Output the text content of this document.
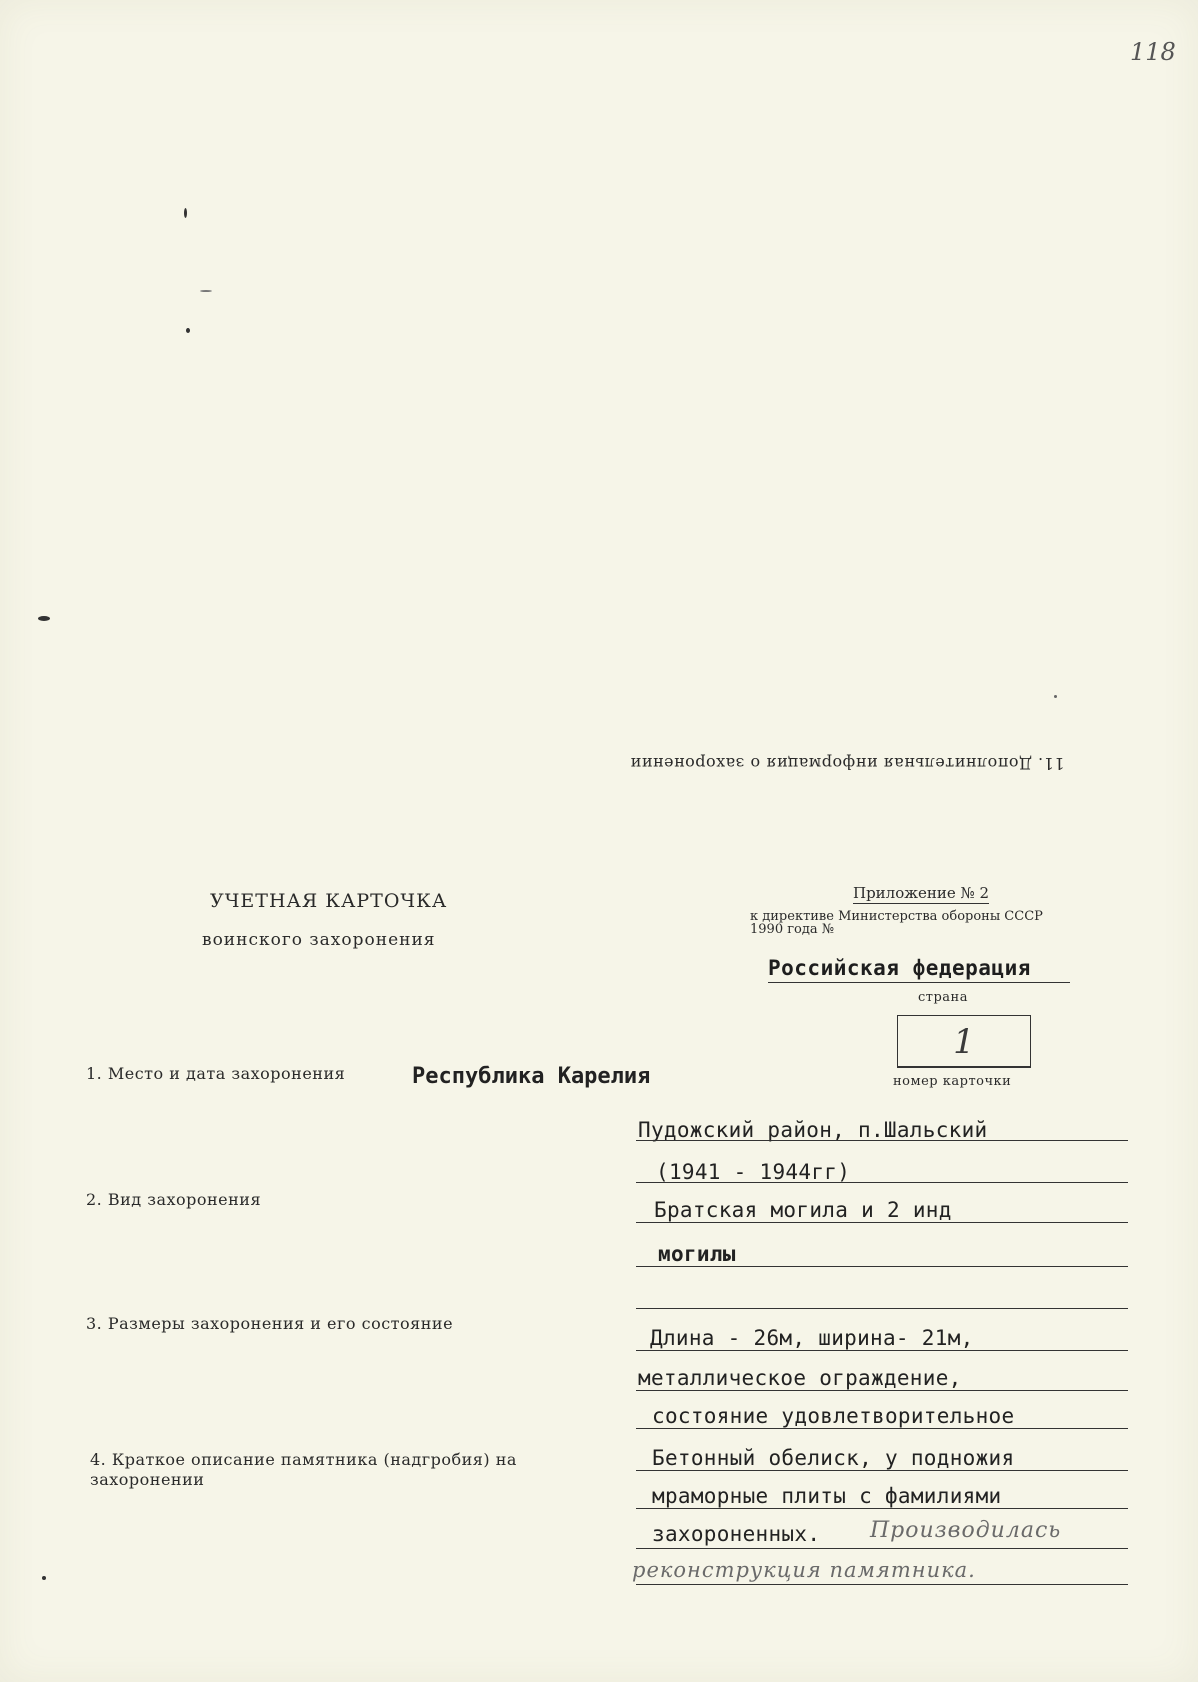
118
11. Дополнительная информация о захоронении
УЧЕТНАЯ КАРТОЧКА
воинского захоронения
Приложение № 2
к директиве Министерства обороны СССР
1990 года №
Российская федерация
страна
1
номер карточки
1. Место и дата захоронения	Республика Карелия
Пудожский район, п.Шальский
(1941 - 1944гг)
2. Вид захоронения	Братская могила и 2 инд
могилы
3. Размеры захоронения и его состояние
Длина - 26м, ширина- 21м,
металлическое ограждение,
состояние удовлетворительное
4. Краткое описание памятника (надгробия) на захоронении
Бетонный обелиск, у подножия
мраморные плиты с фамилиями
захороненных. Производилась
реконструкция памятника.
